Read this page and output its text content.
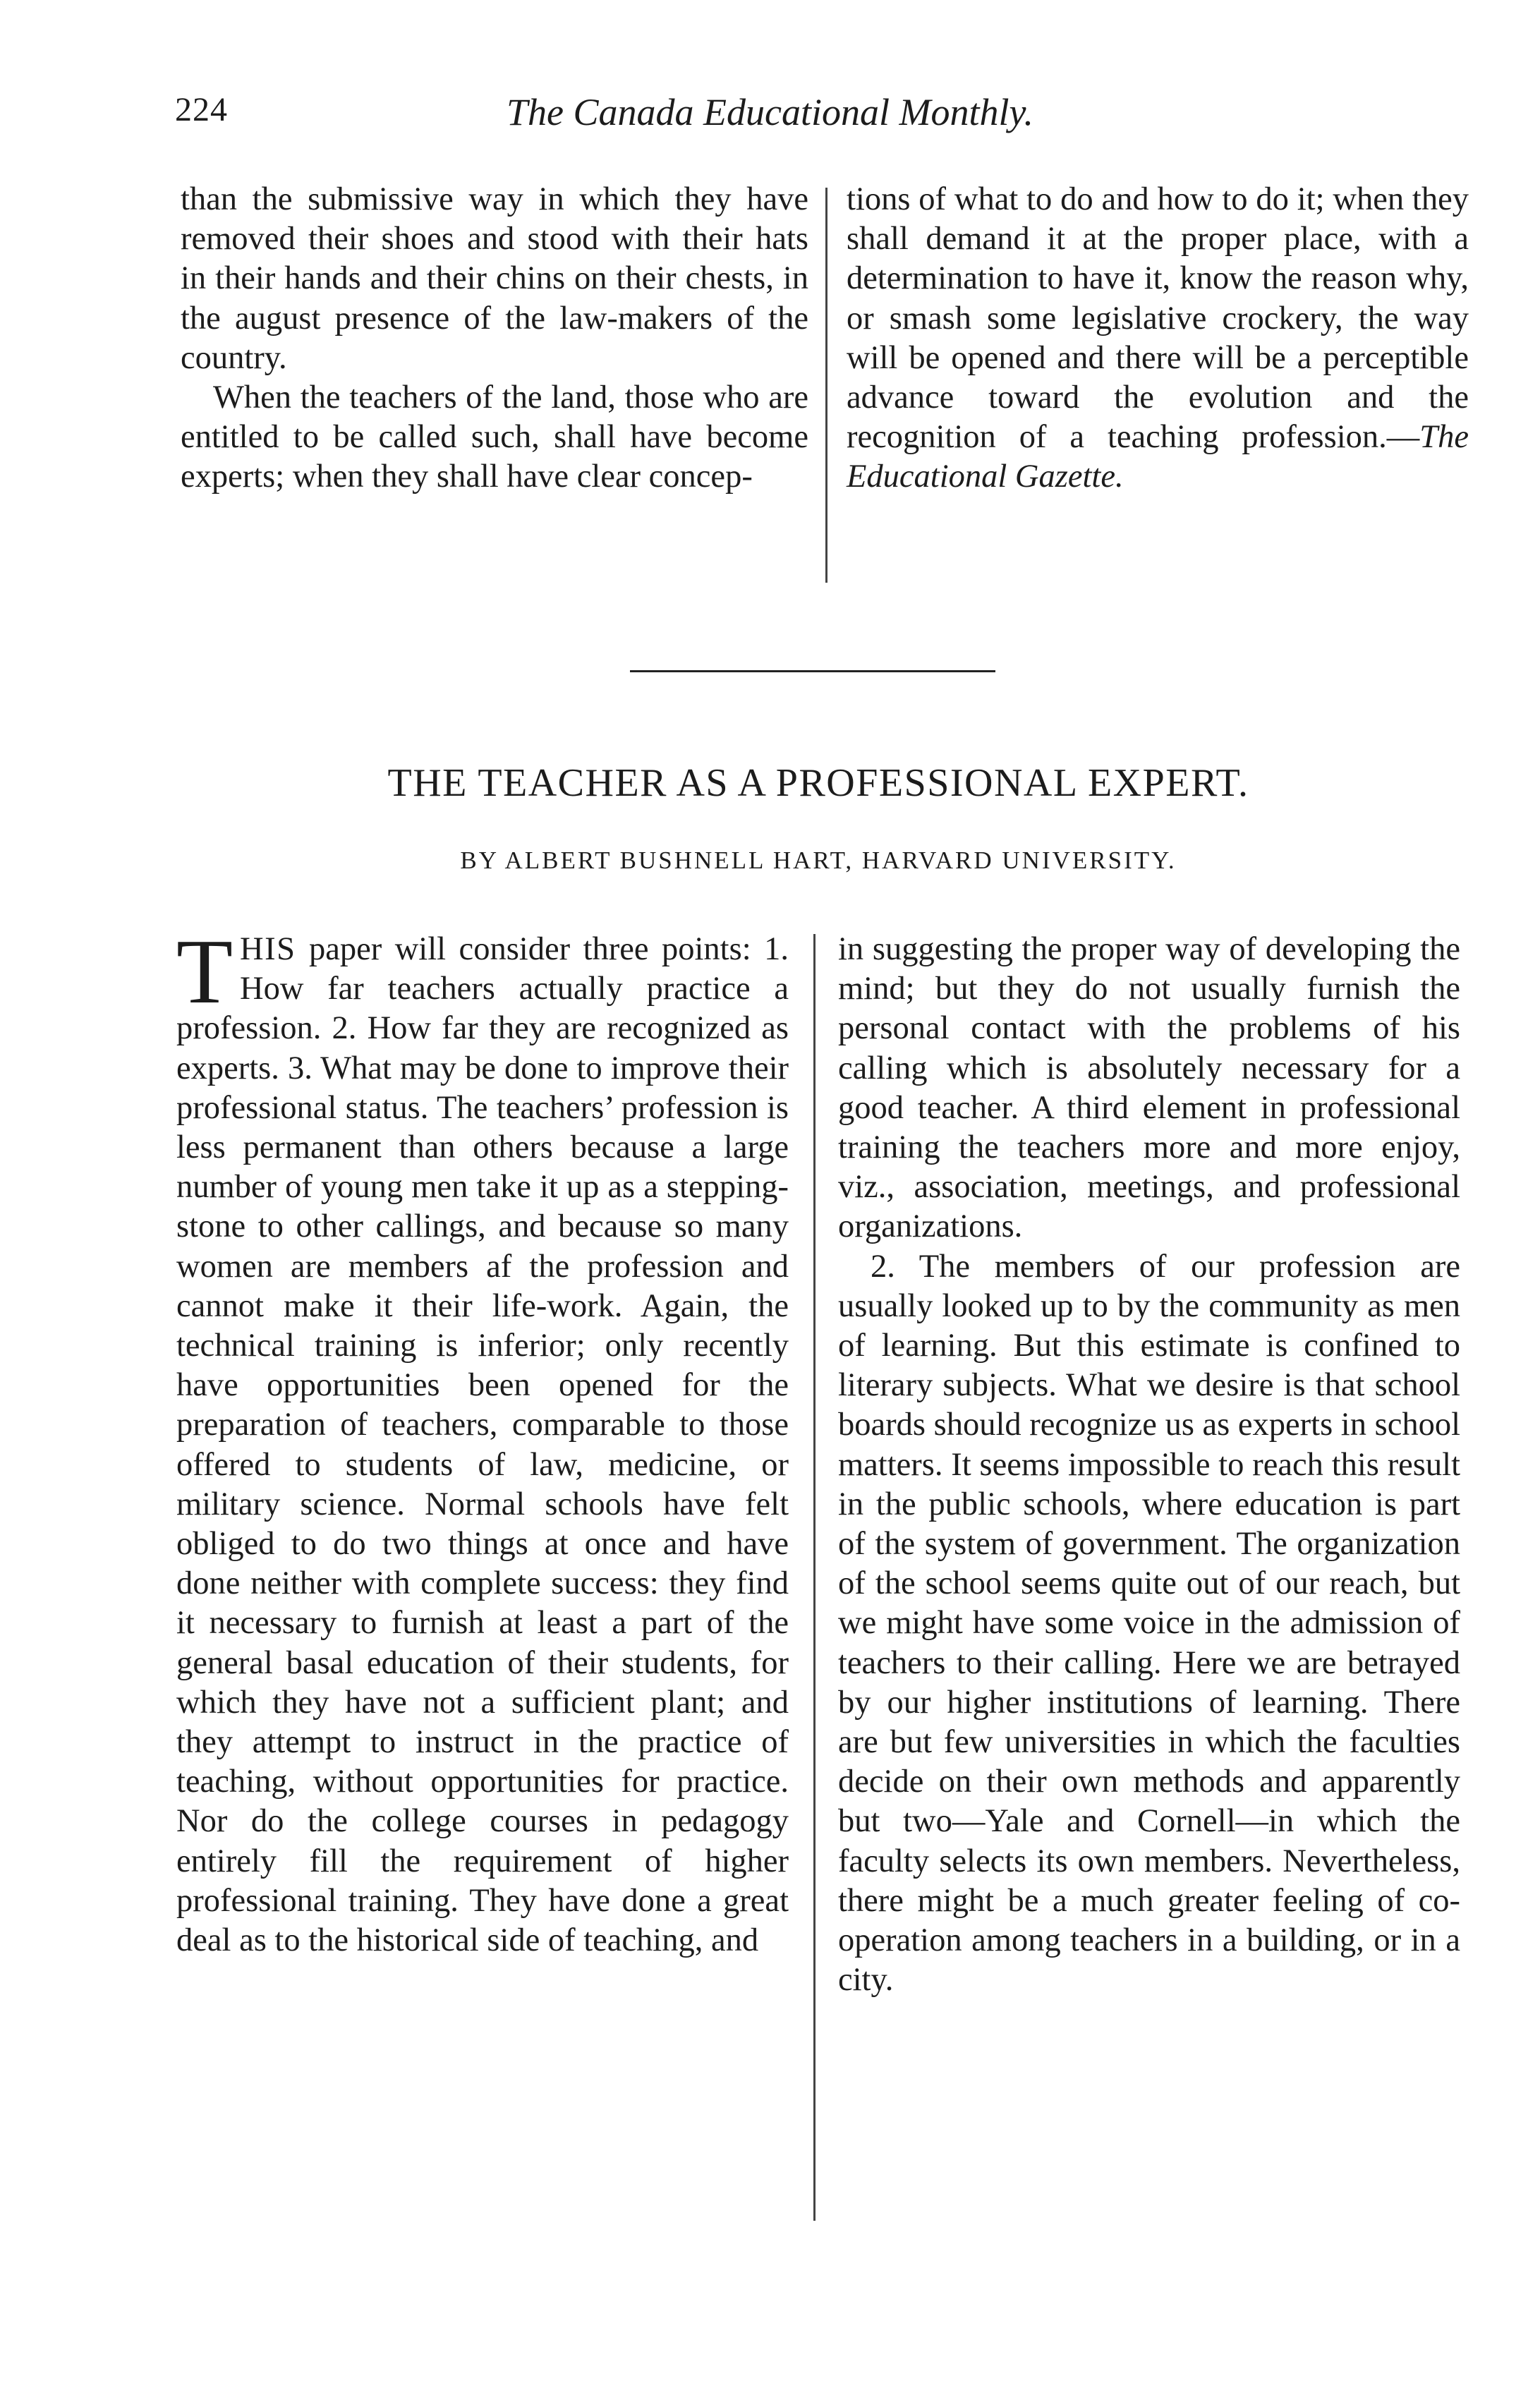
224	The Canada Educational Monthly.

than the submissive way in which they have removed their shoes and stood with their hats in their hands and their chins on their chests, in the august presence of the law-makers of the country.

When the teachers of the land, those who are entitled to be called such, shall have become experts; when they shall have clear concep-

tions of what to do and how to do it; when they shall demand it at the proper place, with a determination to have it, know the reason why, or smash some legislative crockery, the way will be opened and there will be a perceptible advance toward the evolution and the recognition of a teaching profession.—The Educational Gazette.

THE TEACHER AS A PROFESSIONAL EXPERT.
BY ALBERT BUSHNELL HART, HARVARD UNIVERSITY.

THIS paper will consider three points: 1. How far teachers actually practice a profession. 2. How far they are recognized as experts. 3. What may be done to improve their professional status. The teachers’ profession is less permanent than others because a large number of young men take it up as a stepping-stone to other callings, and because so many women are members af the profession and cannot make it their life-work. Again, the technical training is inferior; only recently have opportunities been opened for the preparation of teachers, comparable to those offered to students of law, medicine, or military science. Normal schools have felt obliged to do two things at once and have done neither with complete success: they find it necessary to furnish at least a part of the general basal education of their students, for which they have not a sufficient plant; and they attempt to instruct in the practice of teaching, without opportunities for practice. Nor do the college courses in pedagogy entirely fill the requirement of higher professional training. They have done a great deal as to the historical side of teaching, and

in suggesting the proper way of developing the mind; but they do not usually furnish the personal contact with the problems of his calling which is absolutely necessary for a good teacher. A third element in professional training the teachers more and more enjoy, viz., association, meetings, and professional organizations.

2. The members of our profession are usually looked up to by the community as men of learning. But this estimate is confined to literary subjects. What we desire is that school boards should recognize us as experts in school matters. It seems impossible to reach this result in the public schools, where education is part of the system of government. The organization of the school seems quite out of our reach, but we might have some voice in the admission of teachers to their calling. Here we are betrayed by our higher institutions of learning. There are but few universities in which the faculties decide on their own methods and apparently but two—Yale and Cornell—in which the faculty selects its own members. Nevertheless, there might be a much greater feeling of co-operation among teachers in a building, or in a city.
